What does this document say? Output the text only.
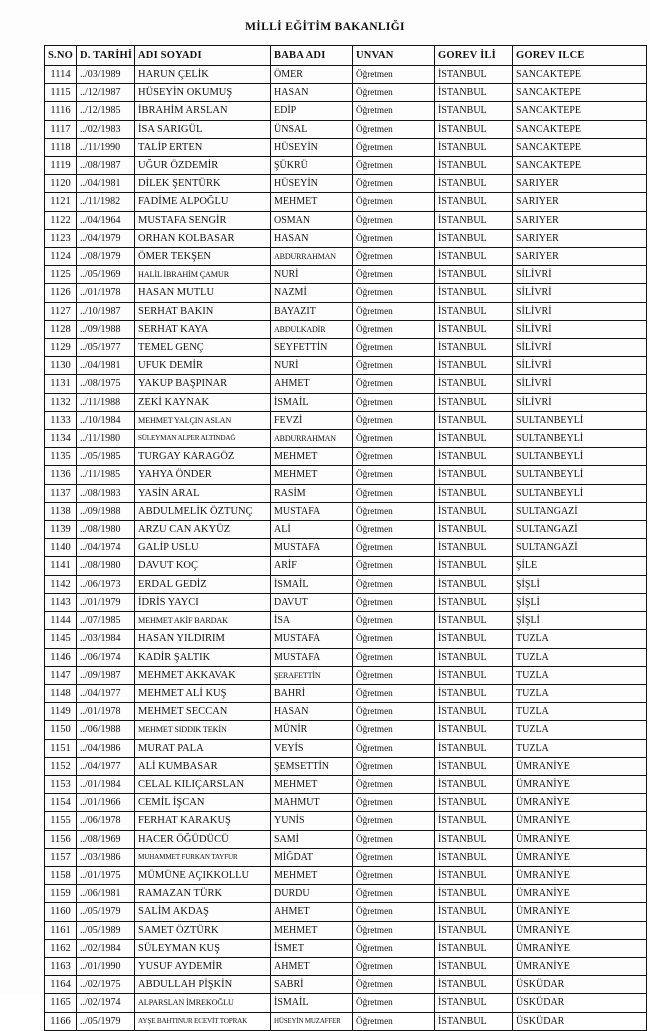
MİLLİ EĞİTİM BAKANLIĞI
S.NO	D. TARİHİ	ADI SOYADI	BABA ADI	UNVAN	GOREV İLİ	GOREV ILCE
1114	../03/1989	HARUN ÇELİK	ÖMER	Öğretmen	İSTANBUL	SANCAKTEPE
1115	../12/1987	HÜSEYİN OKUMUŞ	HASAN	Öğretmen	İSTANBUL	SANCAKTEPE
1116	../12/1985	İBRAHİM ARSLAN	EDİP	Öğretmen	İSTANBUL	SANCAKTEPE
1117	../02/1983	İSA SARIGÜL	ÜNSAL	Öğretmen	İSTANBUL	SANCAKTEPE
1118	../11/1990	TALİP ERTEN	HÜSEYİN	Öğretmen	İSTANBUL	SANCAKTEPE
1119	../08/1987	UĞUR ÖZDEMİR	ŞÜKRÜ	Öğretmen	İSTANBUL	SANCAKTEPE
1120	../04/1981	DİLEK ŞENTÜRK	HÜSEYİN	Öğretmen	İSTANBUL	SARIYER
1121	../11/1982	FADİME ALPOĞLU	MEHMET	Öğretmen	İSTANBUL	SARIYER
1122	../04/1964	MUSTAFA SENGİR	OSMAN	Öğretmen	İSTANBUL	SARIYER
1123	../04/1979	ORHAN KOLBASAR	HASAN	Öğretmen	İSTANBUL	SARIYER
1124	../08/1979	ÖMER TEKŞEN	ABDURRAHMAN	Öğretmen	İSTANBUL	SARIYER
1125	../05/1969	HALİL İBRAHİM ÇAMUR	NURİ	Öğretmen	İSTANBUL	SİLİVRİ
1126	../01/1978	HASAN MUTLU	NAZMİ	Öğretmen	İSTANBUL	SİLİVRİ
1127	../10/1987	SERHAT BAKIN	BAYAZIT	Öğretmen	İSTANBUL	SİLİVRİ
1128	../09/1988	SERHAT KAYA	ABDULKADİR	Öğretmen	İSTANBUL	SİLİVRİ
1129	../05/1977	TEMEL GENÇ	SEYFETTİN	Öğretmen	İSTANBUL	SİLİVRİ
1130	../04/1981	UFUK DEMİR	NURİ	Öğretmen	İSTANBUL	SİLİVRİ
1131	../08/1975	YAKUP BAŞPINAR	AHMET	Öğretmen	İSTANBUL	SİLİVRİ
1132	../11/1988	ZEKİ KAYNAK	İSMAİL	Öğretmen	İSTANBUL	SİLİVRİ
1133	../10/1984	MEHMET YALÇIN ASLAN	FEVZİ	Öğretmen	İSTANBUL	SULTANBEYLİ
1134	../11/1980	SÜLEYMAN ALPER ALTINDAĞ	ABDURRAHMAN	Öğretmen	İSTANBUL	SULTANBEYLİ
1135	../05/1985	TURGAY KARAGÖZ	MEHMET	Öğretmen	İSTANBUL	SULTANBEYLİ
1136	../11/1985	YAHYA ÖNDER	MEHMET	Öğretmen	İSTANBUL	SULTANBEYLİ
1137	../08/1983	YASİN ARAL	RASİM	Öğretmen	İSTANBUL	SULTANBEYLİ
1138	../09/1988	ABDULMELİK ÖZTUNÇ	MUSTAFA	Öğretmen	İSTANBUL	SULTANGAZİ
1139	../08/1980	ARZU CAN AKYÜZ	ALİ	Öğretmen	İSTANBUL	SULTANGAZİ
1140	../04/1974	GALİP USLU	MUSTAFA	Öğretmen	İSTANBUL	SULTANGAZİ
1141	../08/1980	DAVUT KOÇ	ARİF	Öğretmen	İSTANBUL	ŞİLE
1142	../06/1973	ERDAL GEDİZ	İSMAİL	Öğretmen	İSTANBUL	ŞİŞLİ
1143	../01/1979	İDRİS YAYCI	DAVUT	Öğretmen	İSTANBUL	ŞİŞLİ
1144	../07/1985	MEHMET AKİF BARDAK	İSA	Öğretmen	İSTANBUL	ŞİŞLİ
1145	../03/1984	HASAN YILDIRIM	MUSTAFA	Öğretmen	İSTANBUL	TUZLA
1146	../06/1974	KADİR ŞALTIK	MUSTAFA	Öğretmen	İSTANBUL	TUZLA
1147	../09/1987	MEHMET AKKAVAK	ŞERAFETTİN	Öğretmen	İSTANBUL	TUZLA
1148	../04/1977	MEHMET ALİ KUŞ	BAHRİ	Öğretmen	İSTANBUL	TUZLA
1149	../01/1978	MEHMET SECCAN	HASAN	Öğretmen	İSTANBUL	TUZLA
1150	../06/1988	MEHMET SIDDIK TEKİN	MÜNİR	Öğretmen	İSTANBUL	TUZLA
1151	../04/1986	MURAT PALA	VEYİS	Öğretmen	İSTANBUL	TUZLA
1152	../04/1977	ALİ KUMBASAR	ŞEMSETTİN	Öğretmen	İSTANBUL	ÜMRANİYE
1153	../01/1984	CELAL KILIÇARSLAN	MEHMET	Öğretmen	İSTANBUL	ÜMRANİYE
1154	../01/1966	CEMİL İŞCAN	MAHMUT	Öğretmen	İSTANBUL	ÜMRANİYE
1155	../06/1978	FERHAT KARAKUŞ	YUNİS	Öğretmen	İSTANBUL	ÜMRANİYE
1156	../08/1969	HACER ÖĞÜDÜCÜ	SAMİ	Öğretmen	İSTANBUL	ÜMRANİYE
1157	../03/1986	MUHAMMET FURKAN TAYFUR	MİĞDAT	Öğretmen	İSTANBUL	ÜMRANİYE
1158	../01/1975	MÜMÜNE AÇIKKOLLU	MEHMET	Öğretmen	İSTANBUL	ÜMRANİYE
1159	../06/1981	RAMAZAN TÜRK	DURDU	Öğretmen	İSTANBUL	ÜMRANİYE
1160	../05/1979	SALİM AKDAŞ	AHMET	Öğretmen	İSTANBUL	ÜMRANİYE
1161	../05/1989	SAMET ÖZTÜRK	MEHMET	Öğretmen	İSTANBUL	ÜMRANİYE
1162	../02/1984	SÜLEYMAN KUŞ	İSMET	Öğretmen	İSTANBUL	ÜMRANİYE
1163	../01/1990	YUSUF AYDEMİR	AHMET	Öğretmen	İSTANBUL	ÜMRANİYE
1164	../02/1975	ABDULLAH PİŞKİN	SABRİ	Öğretmen	İSTANBUL	ÜSKÜDAR
1165	../02/1974	ALPARSLAN İMREKOĞLU	İSMAİL	Öğretmen	İSTANBUL	ÜSKÜDAR
1166	../05/1979	AYŞE BAHTINUR ECEVİT TOPRAK	HÜSEYİN MUZAFFER	Öğretmen	İSTANBUL	ÜSKÜDAR
